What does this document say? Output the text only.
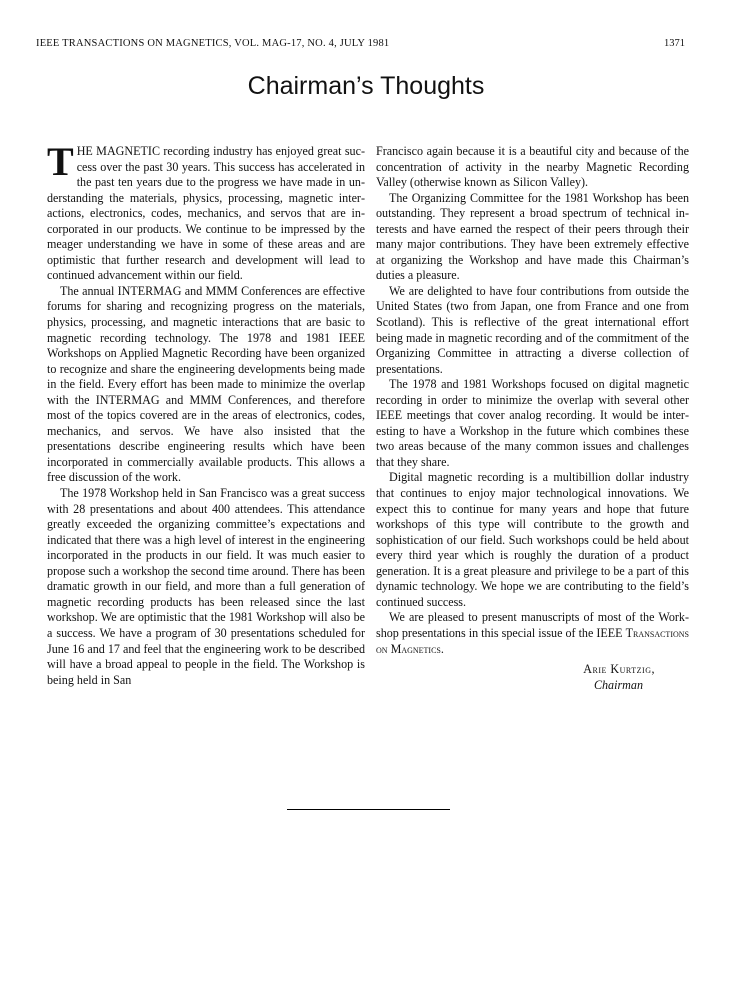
IEEE TRANSACTIONS ON MAGNETICS, VOL. MAG-17, NO. 4, JULY 1981	1371
Chairman’s Thoughts

THE MAGNETIC recording industry has enjoyed great success over the past 30 years. This success has accelerated in the past ten years due to the progress we have made in understanding the materials, physics, processing, magnetic interactions, electronics, codes, mechanics, and servos that are incorporated in our products. We continue to be impressed by the meager understanding we have in some of these areas and are optimistic that further research and development will lead to continued advancement within our field.

The annual INTERMAG and MMM Conferences are effective forums for sharing and recognizing progress on the materials, physics, processing, and magnetic interactions that are basic to magnetic recording technology. The 1978 and 1981 IEEE Workshops on Applied Magnetic Recording have been organized to recognize and share the engineering developments being made in the field. Every effort has been made to minimize the overlap with the INTERMAG and MMM Conferences, and therefore most of the topics covered are in the areas of electronics, codes, mechanics, and servos. We have also insisted that the presentations describe engineering results which have been incorporated in commercially available products. This allows a free discussion of the work.

The 1978 Workshop held in San Francisco was a great success with 28 presentations and about 400 attendees. This attendance greatly exceeded the organizing committee’s expectations and indicated that there was a high level of interest in the engineering incorporated in the products in our field. It was much easier to propose such a workshop the second time around. There has been dramatic growth in our field, and more than a full generation of magnetic recording products has been released since the last workshop. We are optimistic that the 1981 Workshop will also be a success. We have a program of 30 presentations scheduled for June 16 and 17 and feel that the engineering work to be described will have a broad appeal to people in the field. The Workshop is being held in San

Francisco again because it is a beautiful city and because of the concentration of activity in the nearby Magnetic Recording Valley (otherwise known as Silicon Valley).

The Organizing Committee for the 1981 Workshop has been outstanding. They represent a broad spectrum of technical interests and have earned the respect of their peers through their many major contributions. They have been extremely effective at organizing the Workshop and have made this Chairman’s duties a pleasure.

We are delighted to have four contributions from outside the United States (two from Japan, one from France and one from Scotland). This is reflective of the great international effort being made in magnetic recording and of the commitment of the Organizing Committee in attracting a diverse collection of presentations.

The 1978 and 1981 Workshops focused on digital magnetic recording in order to minimize the overlap with several other IEEE meetings that cover analog recording. It would be interesting to have a Workshop in the future which combines these two areas because of the many common issues and challenges that they share.

Digital magnetic recording is a multibillion dollar industry that continues to enjoy major technological innovations. We expect this to continue for many years and hope that future workshops of this type will contribute to the growth and sophistication of our field. Such workshops could be held about every third year which is roughly the duration of a product generation. It is a great pleasure and privilege to be a part of this dynamic technology. We hope we are contributing to the field’s continued success.

We are pleased to present manuscripts of most of the Workshop presentations in this special issue of the IEEE Transactions on Magnetics.

Arie Kurtzig,
Chairman
